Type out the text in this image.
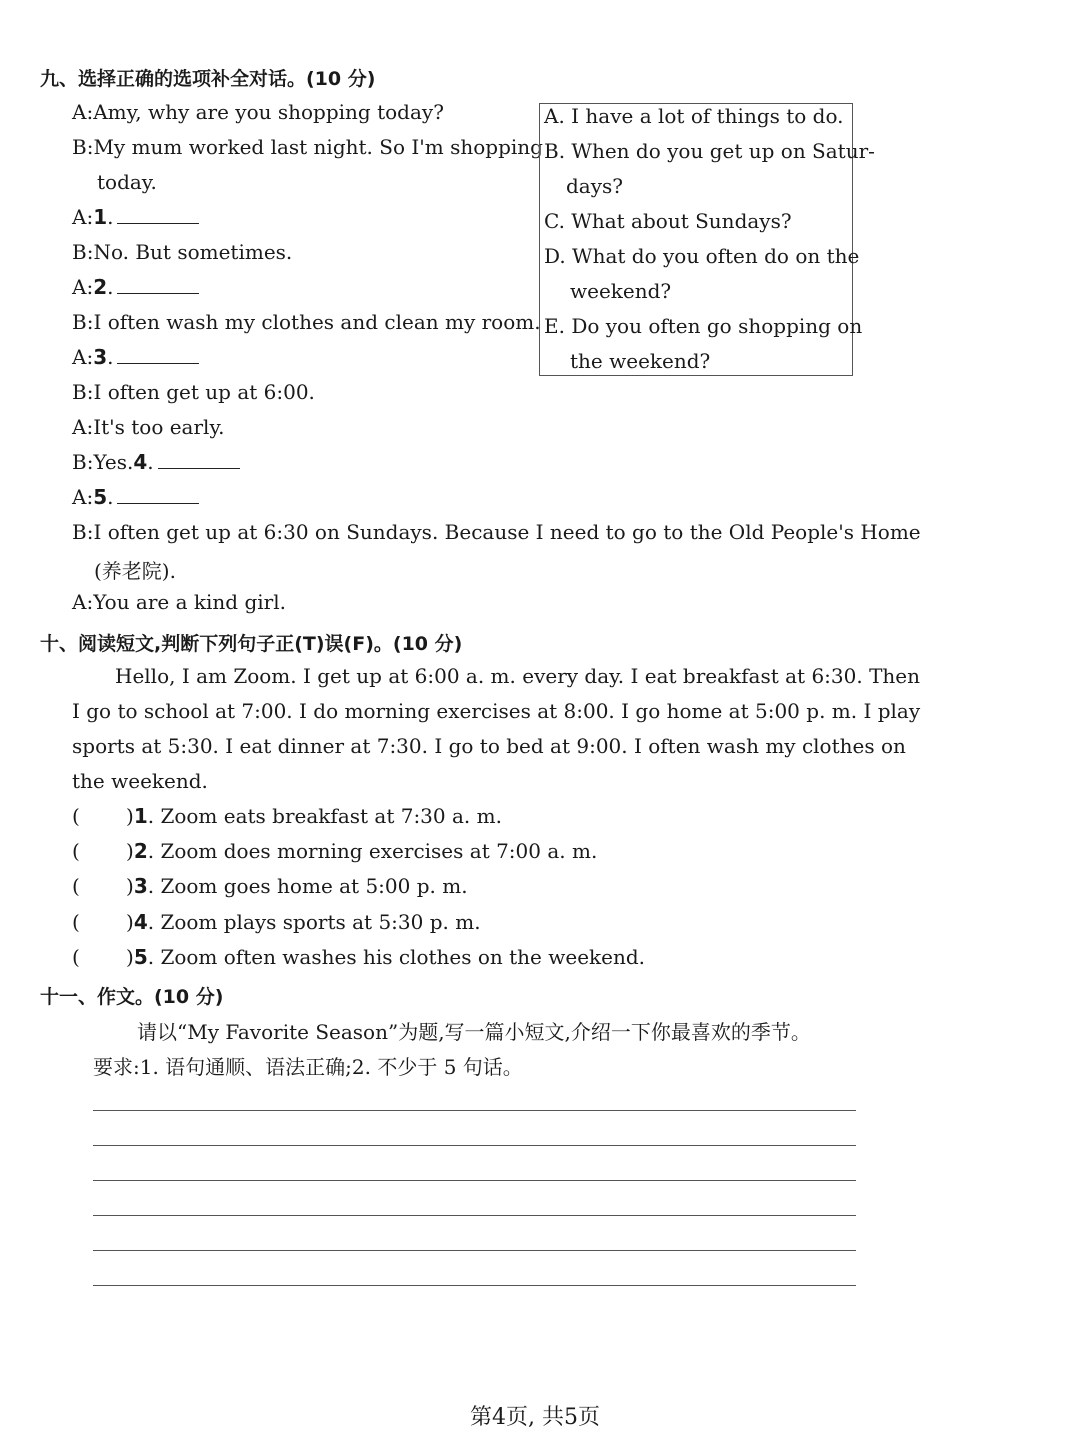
九、选择正确的选项补全对话。(10 分)
A:Amy, why are you shopping today?
B:My mum worked last night. So I'm shopping
today.
A:1.
B:No. But sometimes.
A:2.
B:I often wash my clothes and clean my room.
A:3.
B:I often get up at 6:00.
A:It's too early.
B:Yes.4.
A:5.
B:I often get up at 6:30 on Sundays. Because I need to go to the Old People's Home
(养老院).
A:You are a kind girl.
A. I have a lot of things to do.
B. When do you get up on Satur-
days?
C. What about Sundays?
D. What do you often do on the
weekend?
E. Do you often go shopping on
the weekend?
十、阅读短文,判断下列句子正(T)误(F)。(10 分)
Hello, I am Zoom. I get up at 6:00 a. m. every day. I eat breakfast at 6:30. Then
I go to school at 7:00. I do morning exercises at 8:00. I go home at 5:00 p. m. I play
sports at 5:30. I eat dinner at 7:30. I go to bed at 9:00. I often wash my clothes on
the weekend.
( )1. Zoom eats breakfast at 7:30 a. m.
( )2. Zoom does morning exercises at 7:00 a. m.
( )3. Zoom goes home at 5:00 p. m.
( )4. Zoom plays sports at 5:30 p. m.
( )5. Zoom often washes his clothes on the weekend.
十一、作文。(10 分)
请以“My Favorite Season”为题,写一篇小短文,介绍一下你最喜欢的季节。
要求:1. 语句通顺、语法正确;2. 不少于 5 句话。
第4页, 共5页
